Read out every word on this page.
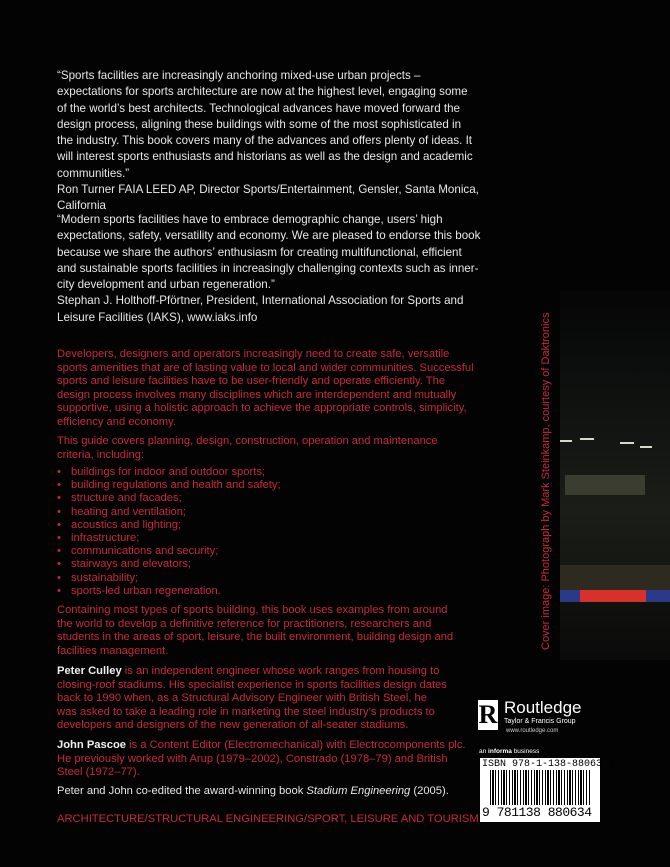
“Sports facilities are increasingly anchoring mixed-use urban projects –
expectations for sports architecture are now at the highest level, engaging some
of the world’s best architects. Technological advances have moved forward the
design process, aligning these buildings with some of the most sophisticated in
the industry. This book covers many of the advances and offers plenty of ideas. It
will interest sports enthusiasts and historians as well as the design and academic
communities.”
Ron Turner FAIA LEED AP, Director Sports/Entertainment, Gensler, Santa Monica,
California
“Modern sports facilities have to embrace demographic change, users’ high
expectations, safety, versatility and economy. We are pleased to endorse this book
because we share the authors’ enthusiasm for creating multifunctional, efficient
and sustainable sports facilities in increasingly challenging contexts such as inner-
city development and urban regeneration.”
Stephan J. Holthoff-Pförtner, President, International Association for Sports and
Leisure Facilities (IAKS), www.iaks.info
Developers, designers and operators increasingly need to create safe, versatile
sports amenities that are of lasting value to local and wider communities. Successful
sports and leisure facilities have to be user-friendly and operate efficiently. The
design process involves many disciplines which are interdependent and mutually
supportive, using a holistic approach to achieve the appropriate controls, simplicity,
efficiency and economy.
This guide covers planning, design, construction, operation and maintenance
criteria, including:
• buildings for indoor and outdoor sports;
• building regulations and health and safety;
• structure and facades;
• heating and ventilation;
• acoustics and lighting;
• infrastructure;
• communications and security;
• stairways and elevators;
• sustainability;
• sports-led urban regeneration.
Containing most types of sports building, this book uses examples from around
the world to develop a definitive reference for practitioners, researchers and
students in the areas of sport, leisure, the built environment, building design and
facilities management.
Peter Culley is an independent engineer whose work ranges from housing to
closing-roof stadiums. His specialist experience in sports facilities design dates
back to 1990 when, as a Structural Advisory Engineer with British Steel, he
was asked to take a leading role in marketing the steel industry’s products to
developers and designers of the new generation of all-seater stadiums.
John Pascoe is a Content Editor (Electromechanical) with Electrocomponents plc.
He previously worked with Arup (1979–2002), Constrado (1978–79) and British
Steel (1972–77).
Peter and John co-edited the award-winning book Stadium Engineering (2005).
ARCHITECTURE/STRUCTURAL ENGINEERING/SPORT, LEISURE AND TOURISM
Cover image: Photograph by Mark Steinkamp, courtesy of Daktronics
R Routledge
Taylor & Francis Group
www.routledge.com
an informa business
ISBN 978-1-138-88063-4
9 781138 880634
